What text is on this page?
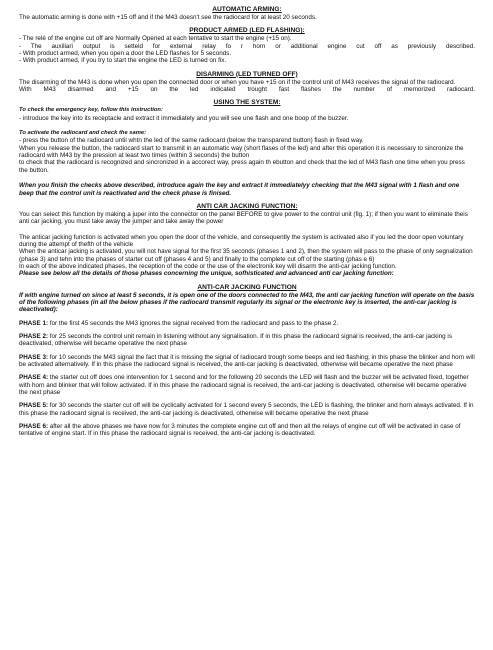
AUTOMATIC ARMING:
The automatic arming is done with +15 off and if the M43 doesn't see the radiocard for at least 20 seconds.
PRODUCT ARMED (LED FLASHING):
- The relé of the engine cut off are Normally Opened at each tentative to start the engine (+15 on).
- The auxiliari output is setteld for external relay fo r horn or additional engine cut off as previously described.
- With product armed, when you open a door the LED flashes for 5 seconds.
- With product armed, if you try to start the engine the LED is turned on fix.
DISARMING (LED TURNED OFF)
The disarming of the M43 is done when you open the connected door or when you have +15 on if the control unit of M43 receives the signal of the radiocard.
With M43 disarmed and +15 on the led indicated trought fast flashes the number of memorized radiocard.
USING THE SYSTEM:
To check the emergency key, follow this instruction:
- introduce the key into its receptacle and extract it immediately and you will see une flash and one boop of the buzzer.
To activate the radiocard and check the same:
- press the button of the radiocard until whtn the led of the same radiocard (below the transparend button) flash in fixed way.
When you release the button, the radiocard start to transmit in an automatic way (short flases of the led) and after this operation it is necessary to sincronize the radiocard with M43 by the pression at least two times (within 3 seconds) the button
to check that the radiocard is recognized and sincronized in a accorect way, press again th ebutton and check that the led of M43 flash one time when you press the button.
When you finish the checks above described, introduce again the key and extract it immediatelyy checking that the M43 signal with 1 flash and one beep that the control unit is reactivated and the check phase is finised.
ANTI CAR JACKING FUNCTION:
You can select this function by making a juper into the connector on the panel BEFORE to give power to the control unit (fig. 1); if then you want to eliminate theis anti car jacking, you must take away the jumper and take away the power
The anticar jacking function is activated when you open the door of the vehicle, and consequently the system is activated also if you led the door open voluntary during the attempt of thefth of the vehicle
When the anticar jacking is activated, you will not have signal for the first 35 seconds (phases 1 and 2), then the system will pass to the phase of only segnalization (phase 3) and tehn into the phases of starter cut off (phases 4 and 5) and finally to the complete cut off of the starting (phas e 6)
In each of the above indicated phases, the reception of the code or the use of the electronik key will disarm the anti-car jacking function.
Please see below all the details of those phases concerning the unique, sofhisticated and advanced anti car jacking function:
ANTI-CAR JACKING FUNCTION
If with engine turned on since at least 5 seconds, it is open one of the doors connected to the M43, the anti car jacking function will operate on the basis of the following phases (in all the below phases if the radiocard transmit regularly its signal or the electronic key is inserted, the anti-car jacking is deactivated):
PHASE 1: for the first 45 seconds the M43 ignores the signal received from the radiocard and pass to the phase 2.
PHASE 2: for 25 seconds the control unit remain in listening without any signalisation. If in this phase the radiocard signal is received, the anti-car jacking is deactivated, otherwise will became operative the next phase
PHASE 3: for 10 seconds the M43 signal the fact that it is missing the signal of radiocard trough some beeps and led flashing; in this phase the blinker and horn will be activated alternatively. If in this phase the radiocard signal is received, the anti-car jacking is deactivated, otherwise will became operative the next phase
PHASE 4: the starter cut off does one intervention for 1 second and for the following 20 seconds the LED will flash and the buzzer will be activated fixed, together with horn and blinker that will follow activated. If in this phase the radiocard signal is received, the anti-car jacking is deactivated, otherwise will became operative the next phase
PHASE 5: for 30 seconds the starter cut off will be cyclically activated for 1 second every 5 seconds, the LED is flashing, the blinker and horn always activated. If in this phase the radiocard signal is received, the anti-car jacking is deactivated, otherwise will became operative the next phase
PHASE 6: after all the above phases we have now for 3 minutes the complete engine cut off and then all the relays of engine cut off will be activated in case of tentative of engine start. If in this phase the radiocard signal is received, the anti-car jacking is deactivated.
